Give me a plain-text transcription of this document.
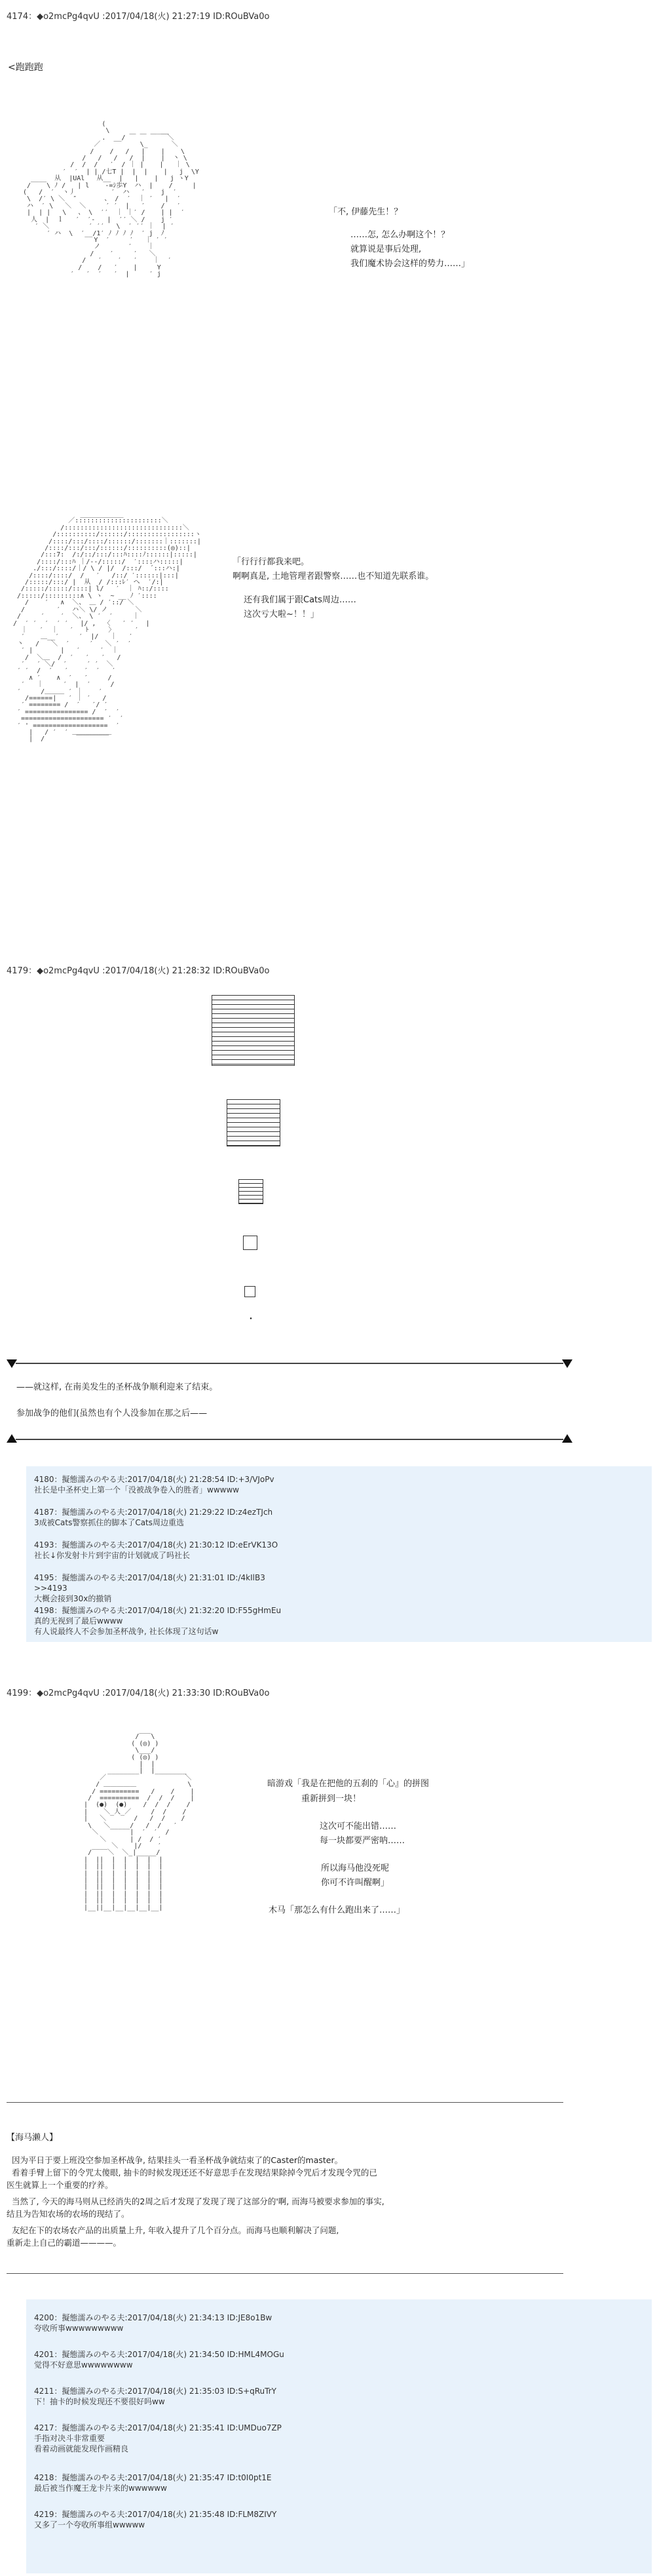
4174：◆o2mcPg4qvU :2017/04/18(火) 21:27:19 ID:ROuBVa0o
<跑跑跑
(
\            ___
.  __/ ￣ ￣ ￣ ￣＼
／          \_      ＼
/    /   /   |    |    \
/   /   /   /  |    |  丶 \
/  /  /   ′  / ｜ |    |   ｜ \
′  ′  | | /七T |  |  |    |   j  \Y
____  从  |UAl   从__  |   |    |   j ヽY
/    \ ﾉ /   | l    -=ｼ歩Y  ハ  |    /     |
(   /  ′  ヽ丿         ′  ハ   ′    j  ′
\  /′ \ ＼  ″       、 /  ′  ｜ ′   |  ′
ハ  ′ \   ＼  ＼     ′ ′  |   ′    /   ′
|  | |   \   、 \  ′′  ｜ ｜′ /    | |  ′
人  |  ｌ   ′  ′-   |  ′′ ＼ /    j ′
′ ＼          ′ ′′   \  ′ ′′ ｜  | ′
′ ハ  \  ′__/1′ ﾉ ﾉ ﾉ ﾉ  ′ j  ﾉ
Y  ′     ′   ｜ ′ ′
ノ       ′    ｜
/    ′     ′   ＼
/   ′    ′   ′    ｜  ′
/    /   ′    |     Y
′   ′  ′   ′  |     ′ j
「不, 伊藤先生！？
……怎, 怎么办啊这个！？
就算说是事后处理,
我们魔术协会这样的势力……」
___________
／::::::::::::::::::::::＼
/::::::::::::::::::::::::::::::＼
/::::::::::/::::::/:::::::::::::::::ヽ
/::::/:::/::::/::::::/:::::::｜:::::::|
/::::/:::/:::/::::::/::::::::::(◎)::|
/:::7:  /:/::/:::/:::ﾊ::::ﾉ::::::|:::::|
/::::/:::ﾊ ｜/-‐/:::::/  ′::::ハ:::::|
./:::/::::/｜/ \ / |/  /:::/  ´:::ハ:|
/::::/::::/  /   ′   /::/ ′::::::|:::|
/:::::/:::/ |  从  / /:::ﾚ′ ヘ  ′/:|
/:::::/:::::/::::| l/   ′  ｜ ﾊ::/::::
/:::::/:::::::::∧ \ ヽ  ~ __ ﾉ ′::::
/    ′   ∧  ＼、 ＿ / ′::/ ＼
/        ′   ハ＼ \/ ノ       ＼
/     ′    ′  ＼、 \ ′  ′     ｜
/  ′ ′  ′  ′ ′   |/ ,  〈   ′ ′   |
｜   ′  ｜   ′   ﾄ     〉     ′
′    ＿__′     ′  |/   ｜   ′
丶   /   ＼  ′     ′   ＼ ′  ′
′ |       |   ′     ′  ｜
/  ＼＿  /  ′   ′   ′   /
′   ′ ＼/  ′     ′ ′  ＼
′ ′  /  ′   ′    ′  ′   ′
∧ ′    ∧  ′   ′     /
′   ｜     ′  |  ′     /
′     /＿＿＿ ′ ｜    ′
/======|   ′ ｜ ′   /
′ ======== /  ′   ′/ ′
′ ================ /  ′  ′
===================== ′  ′
′ ' ===================  ′
|   / ′  ′ ＿＿＿＿＿＿
|  /        ￣￣￣￣￣
「行行行都我来吧。
啊啊真是, 土地管理者跟警察……也不知道先联系谁。
还有我们属于跟Cats周边……
这次亏大啦~！！」
4179：◆o2mcPg4qvU :2017/04/18(火) 21:28:32 ID:ROuBVa0o
・
——就这样, 在南美发生的圣杯战争顺利迎来了结束。
参加战争的他们(虽然也有个人没参加在那之后——
4180：擬態濡みのやる夫:2017/04/18(火) 21:28:54 ID:+3/VJoPv
社长是中圣杯史上第一个「没被战争卷入的胜者」wwwww
4187：擬態濡みのやる夫:2017/04/18(火) 21:29:22 ID:z4ezTJch
3成被Cats警察抓住的脚本了Cats周边重选
4193：擬態濡みのやる夫:2017/04/18(火) 21:30:12 ID:eErVK13O
社长↓你发射卡片到宇宙的计划就成了吗社长
4195：擬態濡みのやる夫:2017/04/18(火) 21:31:01 ID:/4kIlB3
>>4193
大概会接到30x的撤销
4198：擬態濡みのやる夫:2017/04/18(火) 21:32:20 ID:F55gHmEu
真的无视到了最后wwww
有人说最终人不会参加圣杯战争, 社长体现了这句话w
4199：◆o2mcPg4qvU :2017/04/18(火) 21:33:30 ID:ROuBVa0o
___
/   \
( (◎) )
\___/
( (◎) )
|  |
________|  |________
／                    ＼
/ ＿＿＿＿＿             \
/ ==========   /    /    |
/  ==========  /  /  /    |
|  (●)  (●)    /  /  /    /
|    ＼_人_／     /  /    /
|   ＼       /   /  /    /
\   ＼_____/   /  /   ′
＼        |  ′  ′  /
＼      | /  / ′
____ ＼    |/    ′
/    ＼  ＼_|_____/
|  ||  |  |  |  |  |
|  ||  |  |  |  |  |
|  ||  |  |  |  |  |
|  ||  |  |  |  |  |
|  ||  |  |  |  |  |
|  ||  |  |  |  |  |
|  ||  |  |  |  |  |
|__||__|__|__|__|__|
暗游戏「我是在把他的五刹的「心』的拼图
重新拼到一块！
这次可不能出错……
每一块都要严密呐……
所以海马他没死呢
你可不许叫醒啊」
木马「那怎么有什么跑出来了……」
【海马濑人】
因为平日于要上班没空参加圣杯战争, 结果挂头一看圣杯战争就结束了的Caster的master。
看着手臂上留下的令咒太傻眼, 抽卡的时候发现还还不好意思手在发现结果除掉令咒后才发现令咒的已
医生就算上一个重要的疗养。
当然了, 今天的海马则从已经消失的2周之后才发现了发现了现了这部分的'啊, 而海马被要求参加的事实,
结且为告知农场的农场的现结了。
友纪在下的农场农产品的出质量上升, 年收入提升了几个百分点。而海马也顺利解决了问题,
重新走上自己的霸道————。
4200：擬態濡みのやる夫:2017/04/18(火) 21:34:13 ID:JE8o1Bw
夸收所事wwwwwwwww
4201：擬態濡みのやる夫:2017/04/18(火) 21:34:50 ID:HML4MOGu
觉得不好意思wwwwwwww
4211：擬態濡みのやる夫:2017/04/18(火) 21:35:03 ID:S+qRuTrY
下！抽卡的时候发现还不要很好吗ww
4217：擬態濡みのやる夫:2017/04/18(火) 21:35:41 ID:UMDuo7ZP
手指对决斗非常重要
看着动画就能发现作画精良
4218：擬態濡みのやる夫:2017/04/18(火) 21:35:47 ID:t0I0pt1E
最后被当作魔王龙卡片来的wwwwww
4219：擬態濡みのやる夫:2017/04/18(火) 21:35:48 ID:FLM8ZIVY
又多了一个夸收所事组wwwww
